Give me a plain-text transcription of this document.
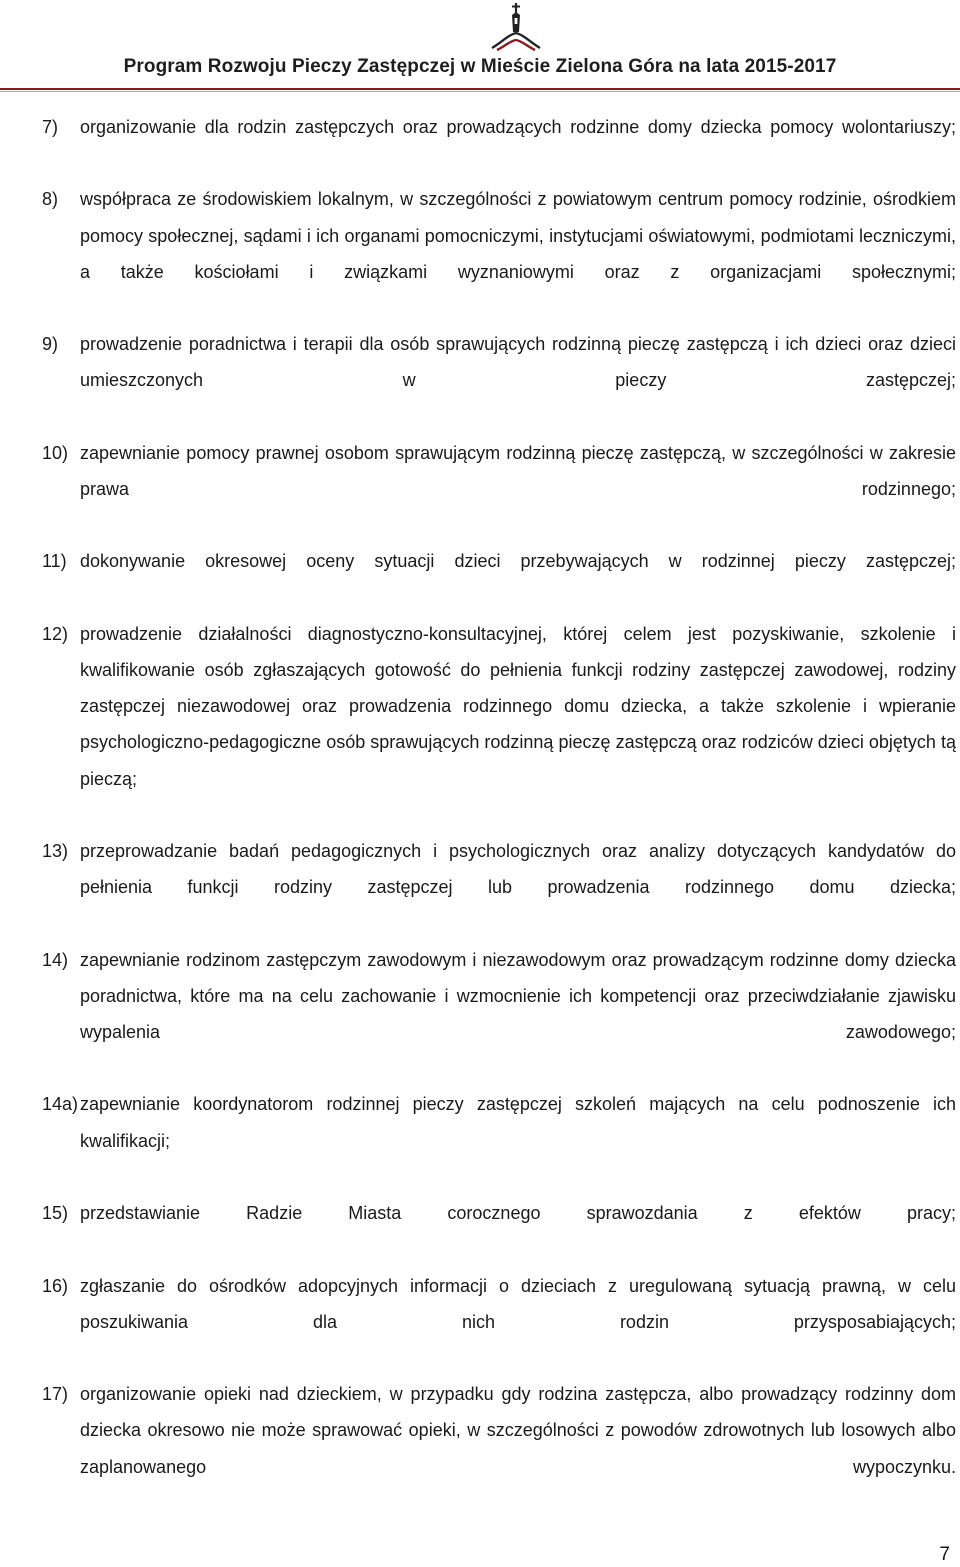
Program Rozwoju Pieczy Zastępczej w Mieście Zielona Góra na lata 2015-2017
7) organizowanie dla rodzin zastępczych oraz prowadzących rodzinne domy dziecka pomocy wolontariuszy;
8) współpraca ze środowiskiem lokalnym, w szczególności z powiatowym centrum pomocy rodzinie, ośrodkiem pomocy społecznej, sądami i ich organami pomocniczymi, instytucjami oświatowymi, podmiotami leczniczymi, a także kościołami i związkami wyznaniowymi oraz z organizacjami społecznymi;
9) prowadzenie poradnictwa i terapii dla osób sprawujących rodzinną pieczę zastępczą i ich dzieci oraz dzieci umieszczonych w pieczy zastępczej;
10) zapewnianie pomocy prawnej osobom sprawującym rodzinną pieczę zastępczą, w szczególności w zakresie prawa rodzinnego;
11) dokonywanie okresowej oceny sytuacji dzieci przebywających w rodzinnej pieczy zastępczej;
12) prowadzenie działalności diagnostyczno-konsultacyjnej, której celem jest pozyskiwanie, szkolenie i kwalifikowanie osób zgłaszających gotowość do pełnienia funkcji rodziny zastępczej zawodowej, rodziny zastępczej niezawodowej oraz prowadzenia rodzinnego domu dziecka, a także szkolenie i wpieranie psychologiczno-pedagogiczne osób sprawujących rodzinną pieczę zastępczą oraz rodziców dzieci objętych tą pieczą;
13) przeprowadzanie badań pedagogicznych i psychologicznych oraz analizy dotyczących kandydatów do pełnienia funkcji rodziny zastępczej lub prowadzenia rodzinnego domu dziecka;
14) zapewnianie rodzinom zastępczym zawodowym i niezawodowym oraz prowadzącym rodzinne domy dziecka poradnictwa, które ma na celu zachowanie i wzmocnienie ich kompetencji oraz przeciwdziałanie zjawisku wypalenia zawodowego;
14a) zapewnianie koordynatorom rodzinnej pieczy zastępczej szkoleń mających na celu podnoszenie ich kwalifikacji;
15) przedstawianie Radzie Miasta corocznego sprawozdania z efektów pracy;
16) zgłaszanie do ośrodków adopcyjnych informacji o dzieciach z uregulowaną sytuacją prawną, w celu poszukiwania dla nich rodzin przysposabiających;
17) organizowanie opieki nad dzieckiem, w przypadku gdy rodzina zastępcza, albo prowadzący rodzinny dom dziecka okresowo nie może sprawować opieki, w szczególności z powodów zdrowotnych lub losowych albo zaplanowanego wypoczynku.
7
